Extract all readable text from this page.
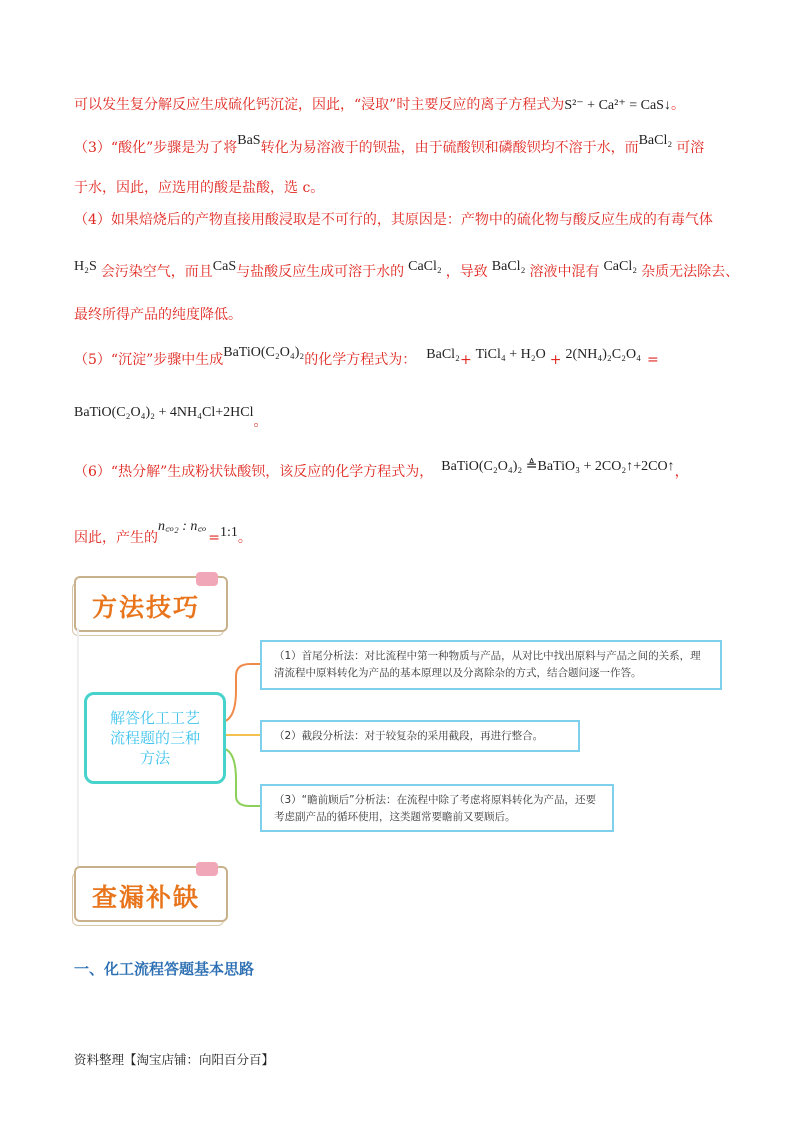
可以发生复分解反应生成硫化钙沉淀，因此，“浸取”时主要反应的离子方程式为S²⁻ + Ca²⁺ = CaS↓。
（3）“酸化”步骤是为了将BaS转化为易溶液于的钡盐，由于硫酸钡和磷酸钡均不溶于水，而BaCl₂ 可溶
于水，因此，应选用的酸是盐酸，选 c。
（4）如果焙烧后的产物直接用酸浸取是不可行的，其原因是：产物中的硫化物与酸反应生成的有毒气体
H₂S 会污染空气，而且CaS与盐酸反应生成可溶于水的 CaCl₂ ，导致 BaCl₂ 溶液中混有 CaCl₂ 杂质无法除去、
最终所得产品的纯度降低。
（5）“沉淀”步骤中生成BaTiO(C₂O₄)₂的化学方程式为： BaCl₂+ TiCl₄ + H₂O + 2(NH₄)₂C₂O₄ =
BaTiO(C₂O₄)₂ + 4NH₄Cl+2HCl。
（6）“热分解”生成粉状钛酸钡，该反应的化学方程式为， BaTiO(C₂O₄)₂ ≜BaTiO₃ + 2CO₂↑+2CO↑，
因此，产生的n꜀ₒ₂ : n꜀ₒ=1:1。
方法技巧
解答化工工艺流程题的三种方法
（1）首尾分析法：对比流程中第一种物质与产品，从对比中找出原料与产品之间的关系，理清流程中原料转化为产品的基本原理以及分离除杂的方式，结合题问逐一作答。
（2）截段分析法：对于较复杂的采用截段，再进行整合。
（3）“瞻前顾后”分析法：在流程中除了考虑将原料转化为产品，还要考虑副产品的循环使用，这类题常要瞻前又要顾后。
查漏补缺
一、化工流程答题基本思路
资料整理【淘宝店铺：向阳百分百】
